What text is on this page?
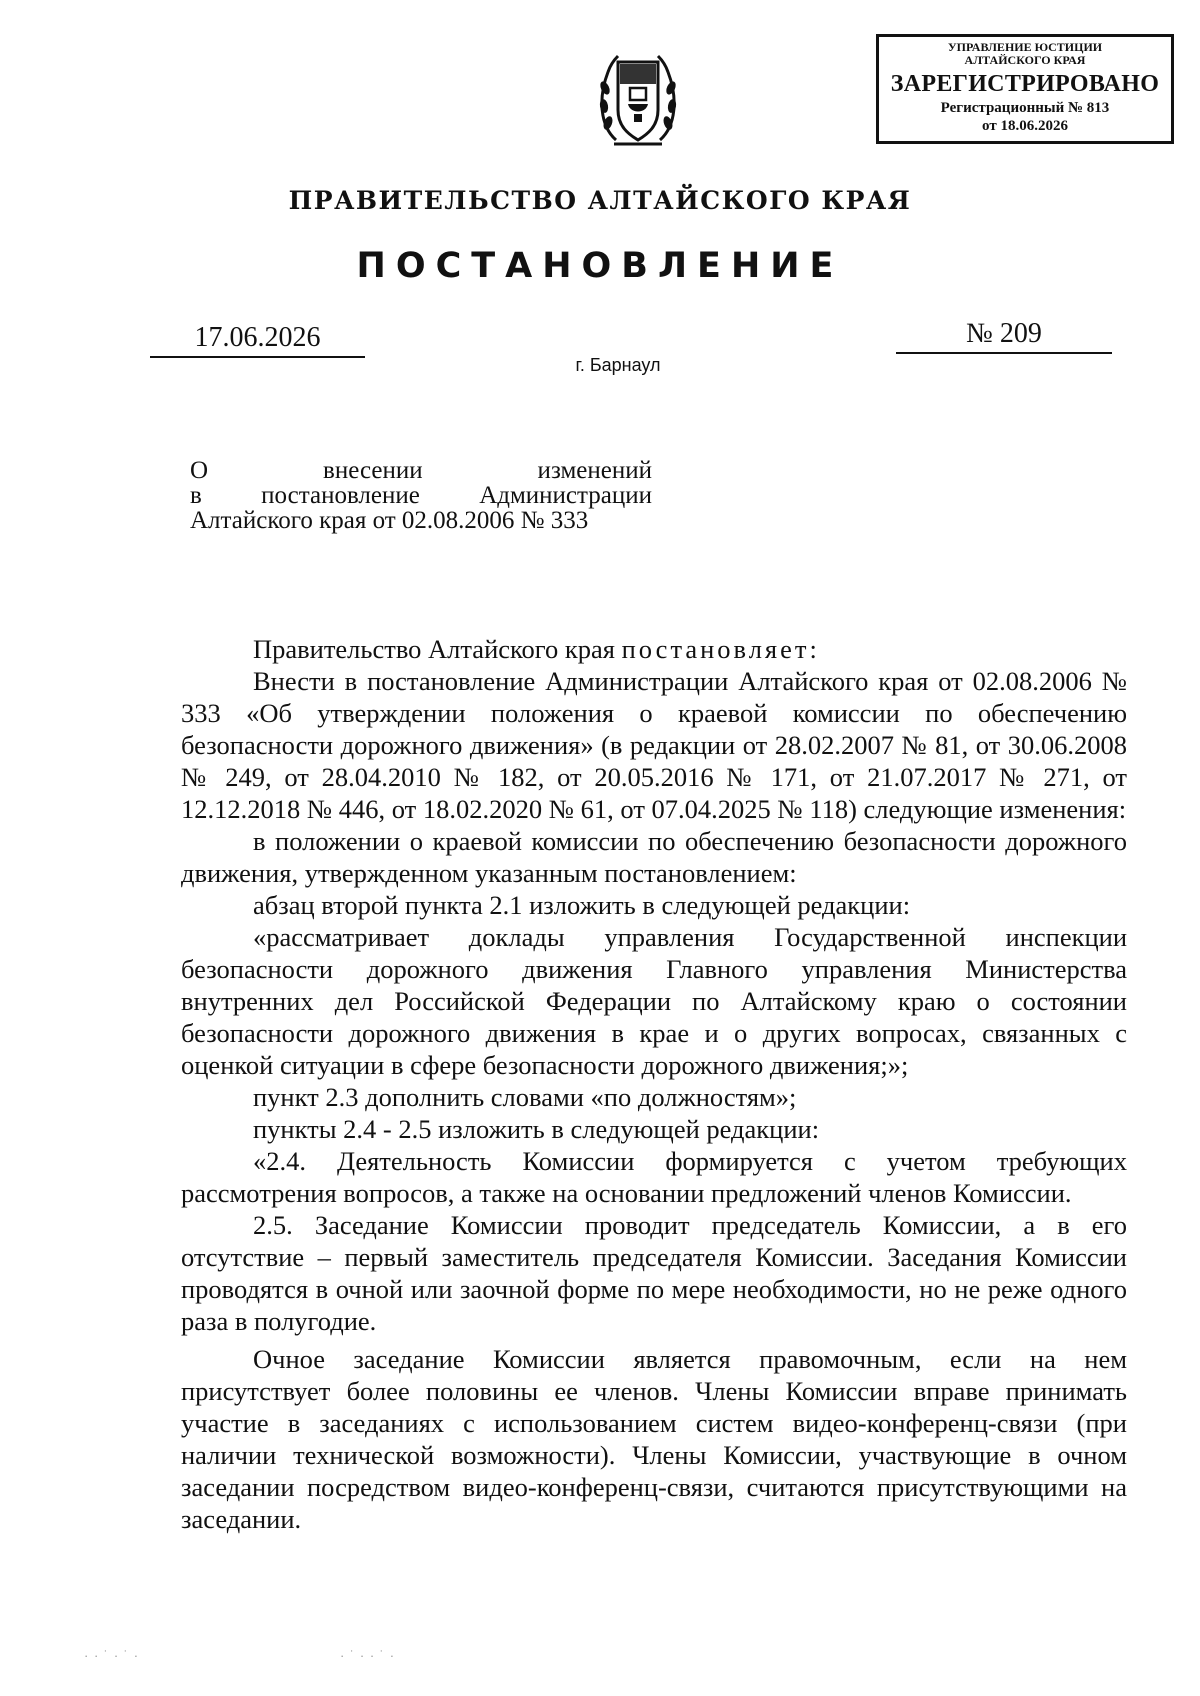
УПРАВЛЕНИЕ ЮСТИЦИИ
АЛТАЙСКОГО КРАЯ
ЗАРЕГИСТРИРОВАНО
Регистрационный № 813
от 18.06.2026
ПРАВИТЕЛЬСТВО АЛТАЙСКОГО КРАЯ
ПОСТАНОВЛЕНИЕ
17.06.2026	№ 209
г. Барнаул

О внесении изменений

в постановление Администрации

Алтайского края от 02.08.2006 № 333

Правительство Алтайского края постановляет:

Внести в постановление Администрации Алтайского края от 02.08.2006 № 333 «Об утверждении положения о краевой комиссии по обеспечению безопасности дорожного движения» (в редакции от 28.02.2007 № 81, от 30.06.2008 № 249, от 28.04.2010 № 182, от 20.05.2016 № 171, от 21.07.2017 № 271, от 12.12.2018 № 446, от 18.02.2020 № 61, от 07.04.2025 № 118) следующие изменения:

в положении о краевой комиссии по обеспечению безопасности дорожного движения, утвержденном указанным постановлением:

абзац второй пункта 2.1 изложить в следующей редакции:

«рассматривает доклады управления Государственной инспекции безопасности дорожного движения Главного управления Министерства внутренних дел Российской Федерации по Алтайскому краю о состоянии безопасности дорожного движения в крае и о других вопросах, связанных с оценкой ситуации в сфере безопасности дорожного движения;»;

пункт 2.3 дополнить словами «по должностям»;

пункты 2.4 - 2.5 изложить в следующей редакции:

«2.4. Деятельность Комиссии формируется с учетом требующих рассмотрения вопросов, а также на основании предложений членов Комиссии.

2.5. Заседание Комиссии проводит председатель Комиссии, а в его отсутствие – первый заместитель председателя Комиссии. Заседания Комиссии проводятся в очной или заочной форме по мере необходимости, но не реже одного раза в полугодие.

Очное заседание Комиссии является правомочным, если на нем присутствует более половины ее членов. Члены Комиссии вправе принимать участие в заседаниях с использованием систем видео-конференц-связи (при наличии технической возможности). Члены Комиссии, участвующие в очном заседании посредством видео-конференц-связи, считаются присутствующими на заседании.

· · ˙ · ˙ ·	· ˙ · · ˙ ·
